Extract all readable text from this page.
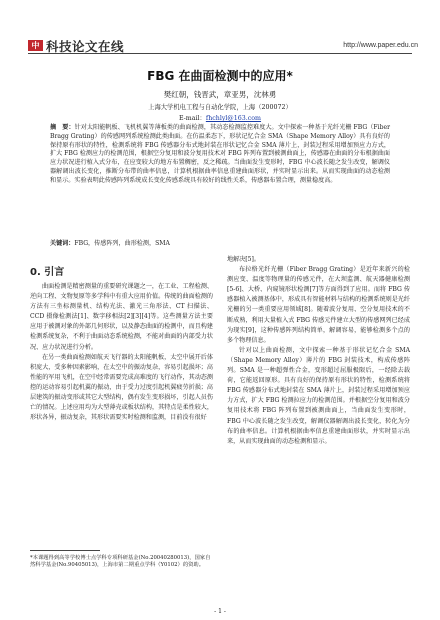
中国
科技论文在线	http://www.paper.edu.cn
FBG 在曲面检测中的应用*
樊红朝，钱晋武，章亚男，沈林勇
上海大学机电工程与自动化学院，上海（200072）
E-mail：fhchlyl@163.com
摘　要：针对太阳能帆板、飞机机翼等薄板类的曲面检测，其动态检测监控难度大。文中探索一种基于光纤光栅 FBG（Fiber Bragg Grating）的传感网列系统检测此类曲面。在仿温柔态下，形状记忆合金 SMA（Shape Memory Alloy）具有良好的保持原有形状的特性，检测系统将 FBG 传感器分布式地封装在形状记忆合金 SMA 薄片上，封装过程采用增加预应力方式，扩大 FBG 检测应力的检测范围，根据空分复用和波分复用技术对 FBG 阵列布置到被测曲面上，传感器在曲面的分布根据曲面应力状况进行植入式分布，在应变较大的地方布置稠密，反之稀疏。当曲面发生变形时，FBG 中心波长随之发生改变，解调仪器解调出波长变化，推断分布带的曲率信息，计算机根据曲率信息重建曲面形状，并实时显示出来。从而实现曲面的动态检测和显示。实验表明此传感阵列系统成长变化传感系统具有较好的线性关系，传感器布置合理，测量稳度高。
关键词：FBG，传感阵列，曲形检测，SMA
0. 引言

曲面检测是精密测量的重要研究课题之一，在工业、工程检测、逆向工程、文物复原等多学科中有重大应用价值。传统的曲面检测的方法有三坐标测量机、结构光法、激光三角形法、CT 扫描法、CCD 摄像检测法[1]、数字移相法[2][3][4]等。这些测量方法主要应用于被测对象的外部几何形状，以及静态曲面的检测中，而且构建检测系统复杂，不利于曲面动态系统检测，不能对曲面的内部受力状况、应力状况进行分析。

在另一类曲面检测如航天飞行器的太阳能帆板，太空中展开后体积庞大，受多种因素影响，在太空中的振动复杂，容易引起损坏；高性能的军用飞机，在空中经常需要完成高难度的飞行动作，其动态测控的运动容易引起机翼的振动，由于受力过度引起机翼疲劳折损；高层建筑的振动变形或其它大型结构，偶有发生变形损坏，引起人员伤亡的情况。上述应用均为大型薄壳或板状结构，其特点是柔性较大，形状各异，振动复杂，其形状需要实时检测和监测，目前没有很好

地解决[5]。

布拉格光纤光栅（Fiber Bragg Grating）是近年来新兴的检测应变、温度等物理量的传感元件，在大坝监测、航天器健康检测[5-6]、大桥、内窥镜形状检测[7]等方面得到了应用。而将 FBG 传感器植入被测基体中，形成具有智能材料与结构的检测系统则是光纤光栅的另一类重要应用领域[8]。随着波分复用、空分复用技术的不断成熟，利用大量植入式 FBG 传感元件建立大型的传感网列已经成为现实[9]，这种传感阵列结构简单，解调容易，能够检测多个点的多个物理信息。

针对以上曲面检测，文中探索一种基于形状记忆合金 SMA（Shape Memory Alloy）薄片的 FBG 封装技术，构成传感阵列。SMA 是一种超弹性合金，变形超过屈服极限后，一经除去载荷，它能返回原形。具有良好的保持原有形状的特性，检测系统将 FBG 传感器分布式地封装在 SMA 薄片上，封装过程采用增加预应力方式，扩大 FBG 检测拉应力的检测范围。并根据空分复用和波分复用技术将 FBG 阵列布置到被测曲面上，当曲面发生变形时，FBG 中心波长随之发生改变，解调仪器解调出波长变化，转化为分布的曲率信息。计算机根据曲率信息重建曲面形状，并实时显示出来，从而实现曲面的动态检测和显示。

*本课题得到高等学校博士点学科专项科研基金(No.20040280013)，国家自然科学基金(No.90405013)，上海市第二期重点学科（Y0102）的资助。
- 1 -
